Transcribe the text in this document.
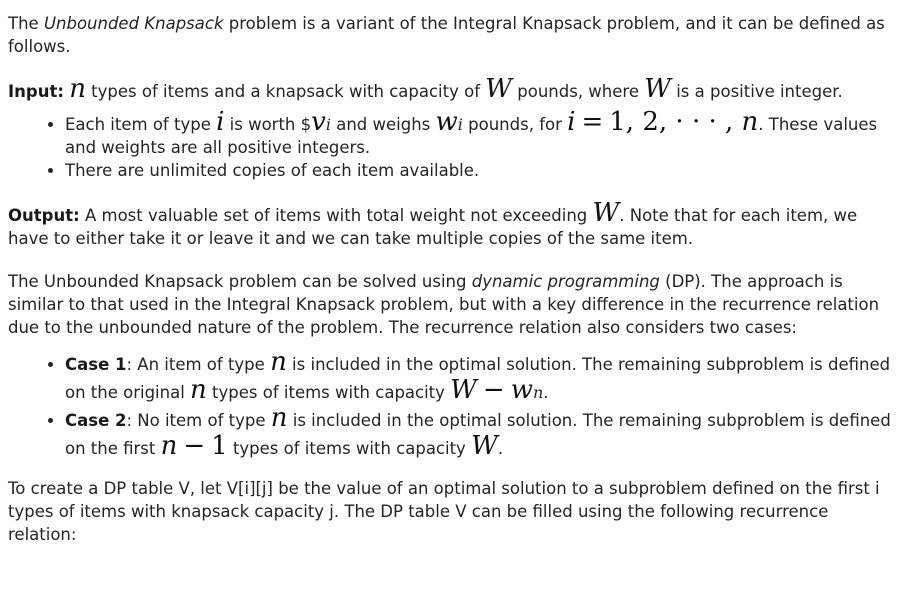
The Unbounded Knapsack problem is a variant of the Integral Knapsack problem, and it can be defined as follows.

Input: n types of items and a knapsack with capacity of W pounds, where W is a positive integer.

• Each item of type i is worth $vi and weighs wi pounds, for i = 1, 2, · · · , n. These values and weights are all positive integers.
• There are unlimited copies of each item available.

Output: A most valuable set of items with total weight not exceeding W. Note that for each item, we have to either take it or leave it and we can take multiple copies of the same item.

The Unbounded Knapsack problem can be solved using dynamic programming (DP). The approach is similar to that used in the Integral Knapsack problem, but with a key difference in the recurrence relation due to the unbounded nature of the problem. The recurrence relation also considers two cases:

• Case 1: An item of type n is included in the optimal solution. The remaining subproblem is defined on the original n types of items with capacity W − wn.
• Case 2: No item of type n is included in the optimal solution. The remaining subproblem is defined on the first n − 1 types of items with capacity W.

To create a DP table V, let V[i][j] be the value of an optimal solution to a subproblem defined on the first i types of items with knapsack capacity j. The DP table V can be filled using the following recurrence relation:
